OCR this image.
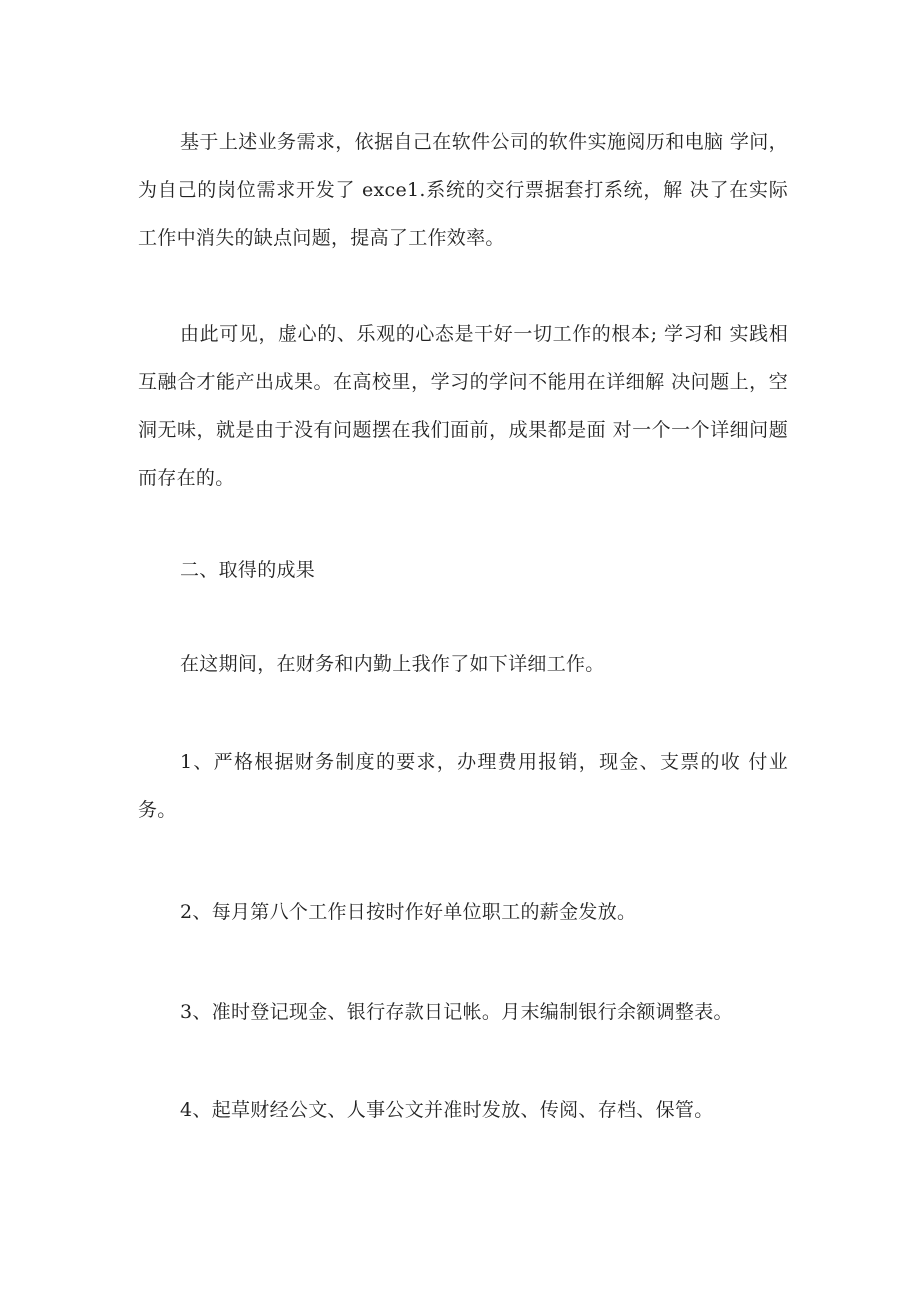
基于上述业务需求，依据自己在软件公司的软件实施阅历和电脑 学问，为自己的岗位需求开发了 exce1.系统的交行票据套打系统，解 决了在实际工作中消失的缺点问题，提高了工作效率。

由此可见，虚心的、乐观的心态是干好一切工作的根本; 学习和 实践相互融合才能产出成果。在高校里，学习的学问不能用在详细解 决问题上，空洞无味，就是由于没有问题摆在我们面前，成果都是面 对一个一个详细问题而存在的。

二、取得的成果

在这期间，在财务和内勤上我作了如下详细工作。

1、严格根据财务制度的要求，办理费用报销，现金、支票的收 付业务。

2、每月第八个工作日按时作好单位职工的薪金发放。

3、准时登记现金、银行存款日记帐。月末编制银行余额调整表。

4、起草财经公文、人事公文并准时发放、传阅、存档、保管。
